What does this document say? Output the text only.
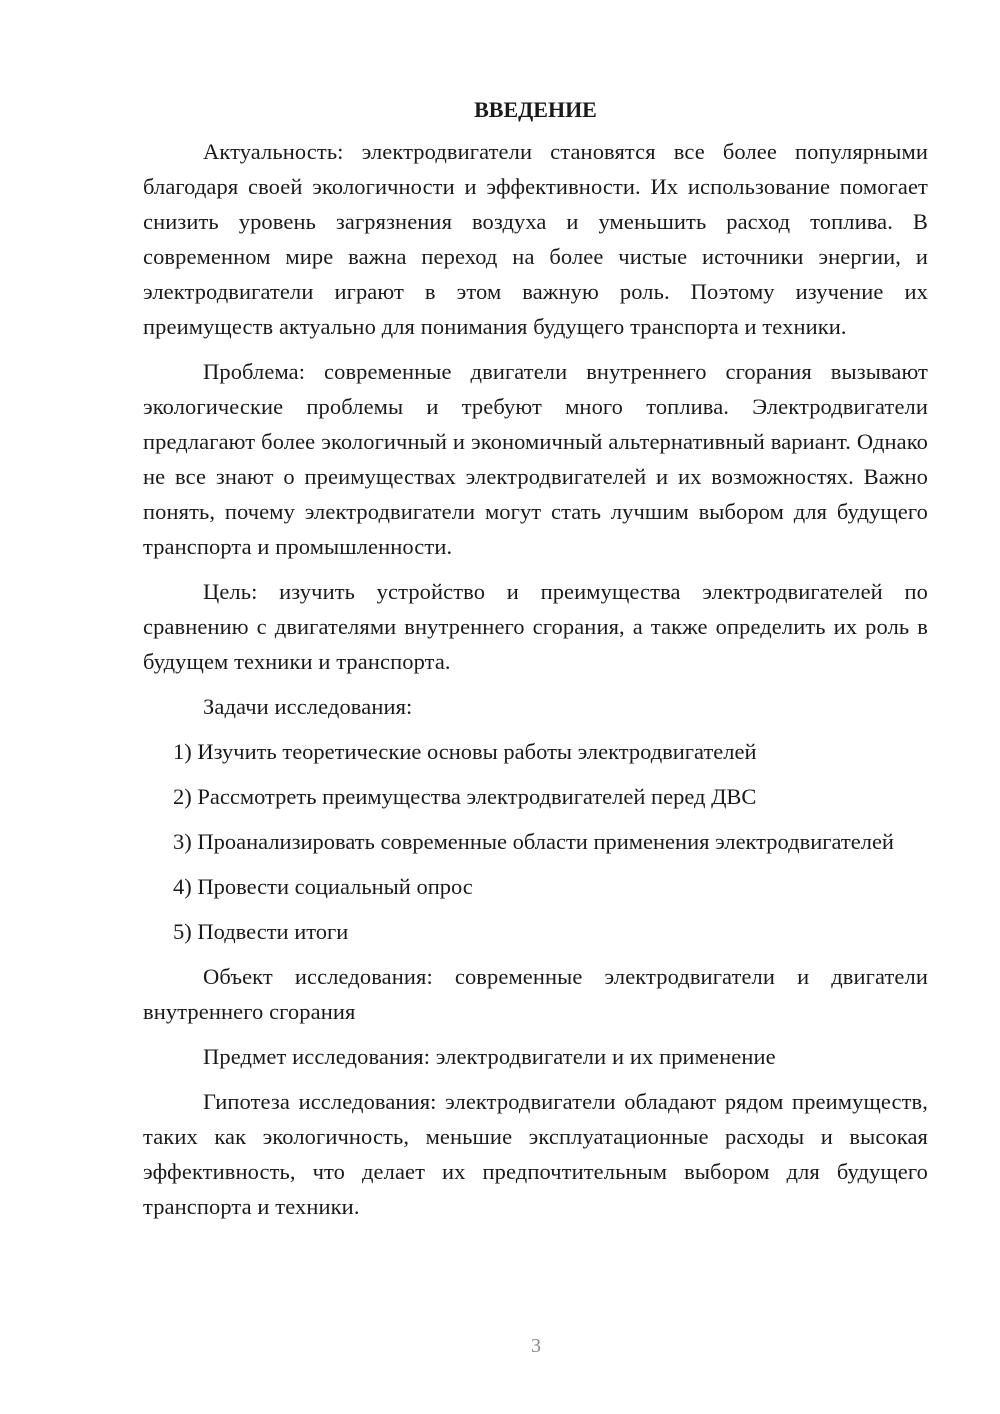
ВВЕДЕНИЕ

Актуальность: электродвигатели становятся все более популярными благодаря своей экологичности и эффективности. Их использование помогает снизить уровень загрязнения воздуха и уменьшить расход топлива. В современном мире важна переход на более чистые источники энергии, и электродвигатели играют в этом важную роль. Поэтому изучение их преимуществ актуально для понимания будущего транспорта и техники.

Проблема: современные двигатели внутреннего сгорания вызывают экологические проблемы и требуют много топлива. Электродвигатели предлагают более экологичный и экономичный альтернативный вариант. Однако не все знают о преимуществах электродвигателей и их возможностях. Важно понять, почему электродвигатели могут стать лучшим выбором для будущего транспорта и промышленности.

Цель: изучить устройство и преимущества электродвигателей по сравнению с двигателями внутреннего сгорания, а также определить их роль в будущем техники и транспорта.

Задачи исследования:

1) Изучить теоретические основы работы электродвигателей

2) Рассмотреть преимущества электродвигателей перед ДВС

3) Проанализировать современные области применения электродвигателей

4) Провести социальный опрос

5) Подвести итоги

Объект исследования: современные электродвигатели и двигатели внутреннего сгорания

Предмет исследования: электродвигатели и их применение

Гипотеза исследования: электродвигатели обладают рядом преимуществ, таких как экологичность, меньшие эксплуатационные расходы и высокая эффективность, что делает их предпочтительным выбором для будущего транспорта и техники.

3
